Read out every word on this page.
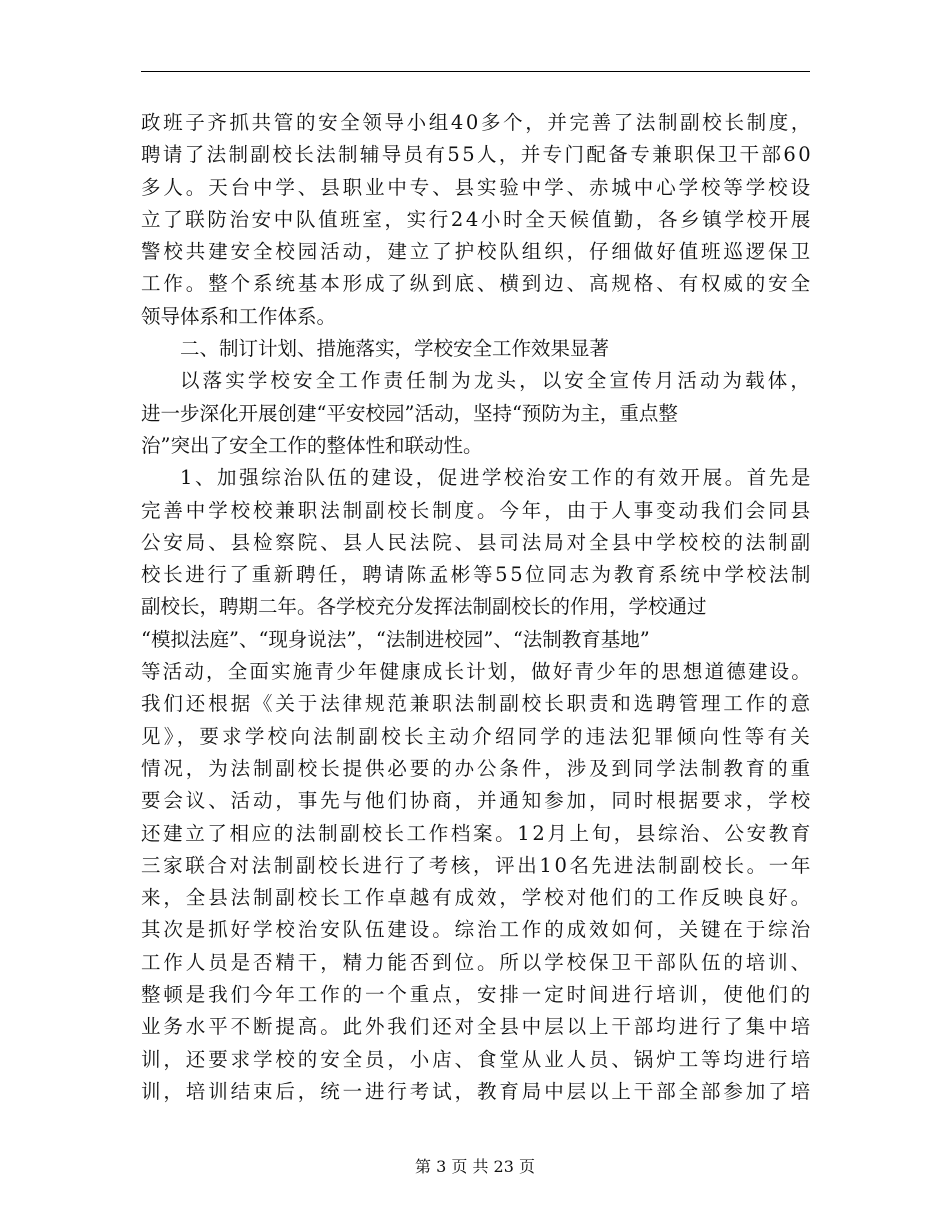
政班子齐抓共管的安全领导小组40多个，并完善了法制副校长制度，
聘请了法制副校长法制辅导员有55人，并专门配备专兼职保卫干部60
多人。天台中学、县职业中专、县实验中学、赤城中心学校等学校设
立了联防治安中队值班室，实行24小时全天候值勤，各乡镇学校开展
警校共建安全校园活动，建立了护校队组织，仔细做好值班巡逻保卫
工作。整个系统基本形成了纵到底、横到边、高规格、有权威的安全
领导体系和工作体系。
二、制订计划、措施落实，学校安全工作效果显著
以落实学校安全工作责任制为龙头，以安全宣传月活动为载体，
进一步深化开展创建“平安校园”活动，坚持“预防为主，重点整
治”突出了安全工作的整体性和联动性。
1、加强综治队伍的建设，促进学校治安工作的有效开展。首先是
完善中学校校兼职法制副校长制度。今年，由于人事变动我们会同县
公安局、县检察院、县人民法院、县司法局对全县中学校校的法制副
校长进行了重新聘任，聘请陈孟彬等55位同志为教育系统中学校法制
副校长，聘期二年。各学校充分发挥法制副校长的作用，学校通过
“模拟法庭”、“现身说法”，“法制进校园”、“法制教育基地”
等活动，全面实施青少年健康成长计划，做好青少年的思想道德建设。
我们还根据《关于法律规范兼职法制副校长职责和选聘管理工作的意
见》，要求学校向法制副校长主动介绍同学的违法犯罪倾向性等有关
情况，为法制副校长提供必要的办公条件，涉及到同学法制教育的重
要会议、活动，事先与他们协商，并通知参加，同时根据要求，学校
还建立了相应的法制副校长工作档案。12月上旬，县综治、公安教育
三家联合对法制副校长进行了考核，评出10名先进法制副校长。一年
来，全县法制副校长工作卓越有成效，学校对他们的工作反映良好。
其次是抓好学校治安队伍建设。综治工作的成效如何，关键在于综治
工作人员是否精干，精力能否到位。所以学校保卫干部队伍的培训、
整顿是我们今年工作的一个重点，安排一定时间进行培训，使他们的
业务水平不断提高。此外我们还对全县中层以上干部均进行了集中培
训，还要求学校的安全员，小店、食堂从业人员、锅炉工等均进行培
训，培训结束后，统一进行考试，教育局中层以上干部全部参加了培
第 3 页 共 23 页
